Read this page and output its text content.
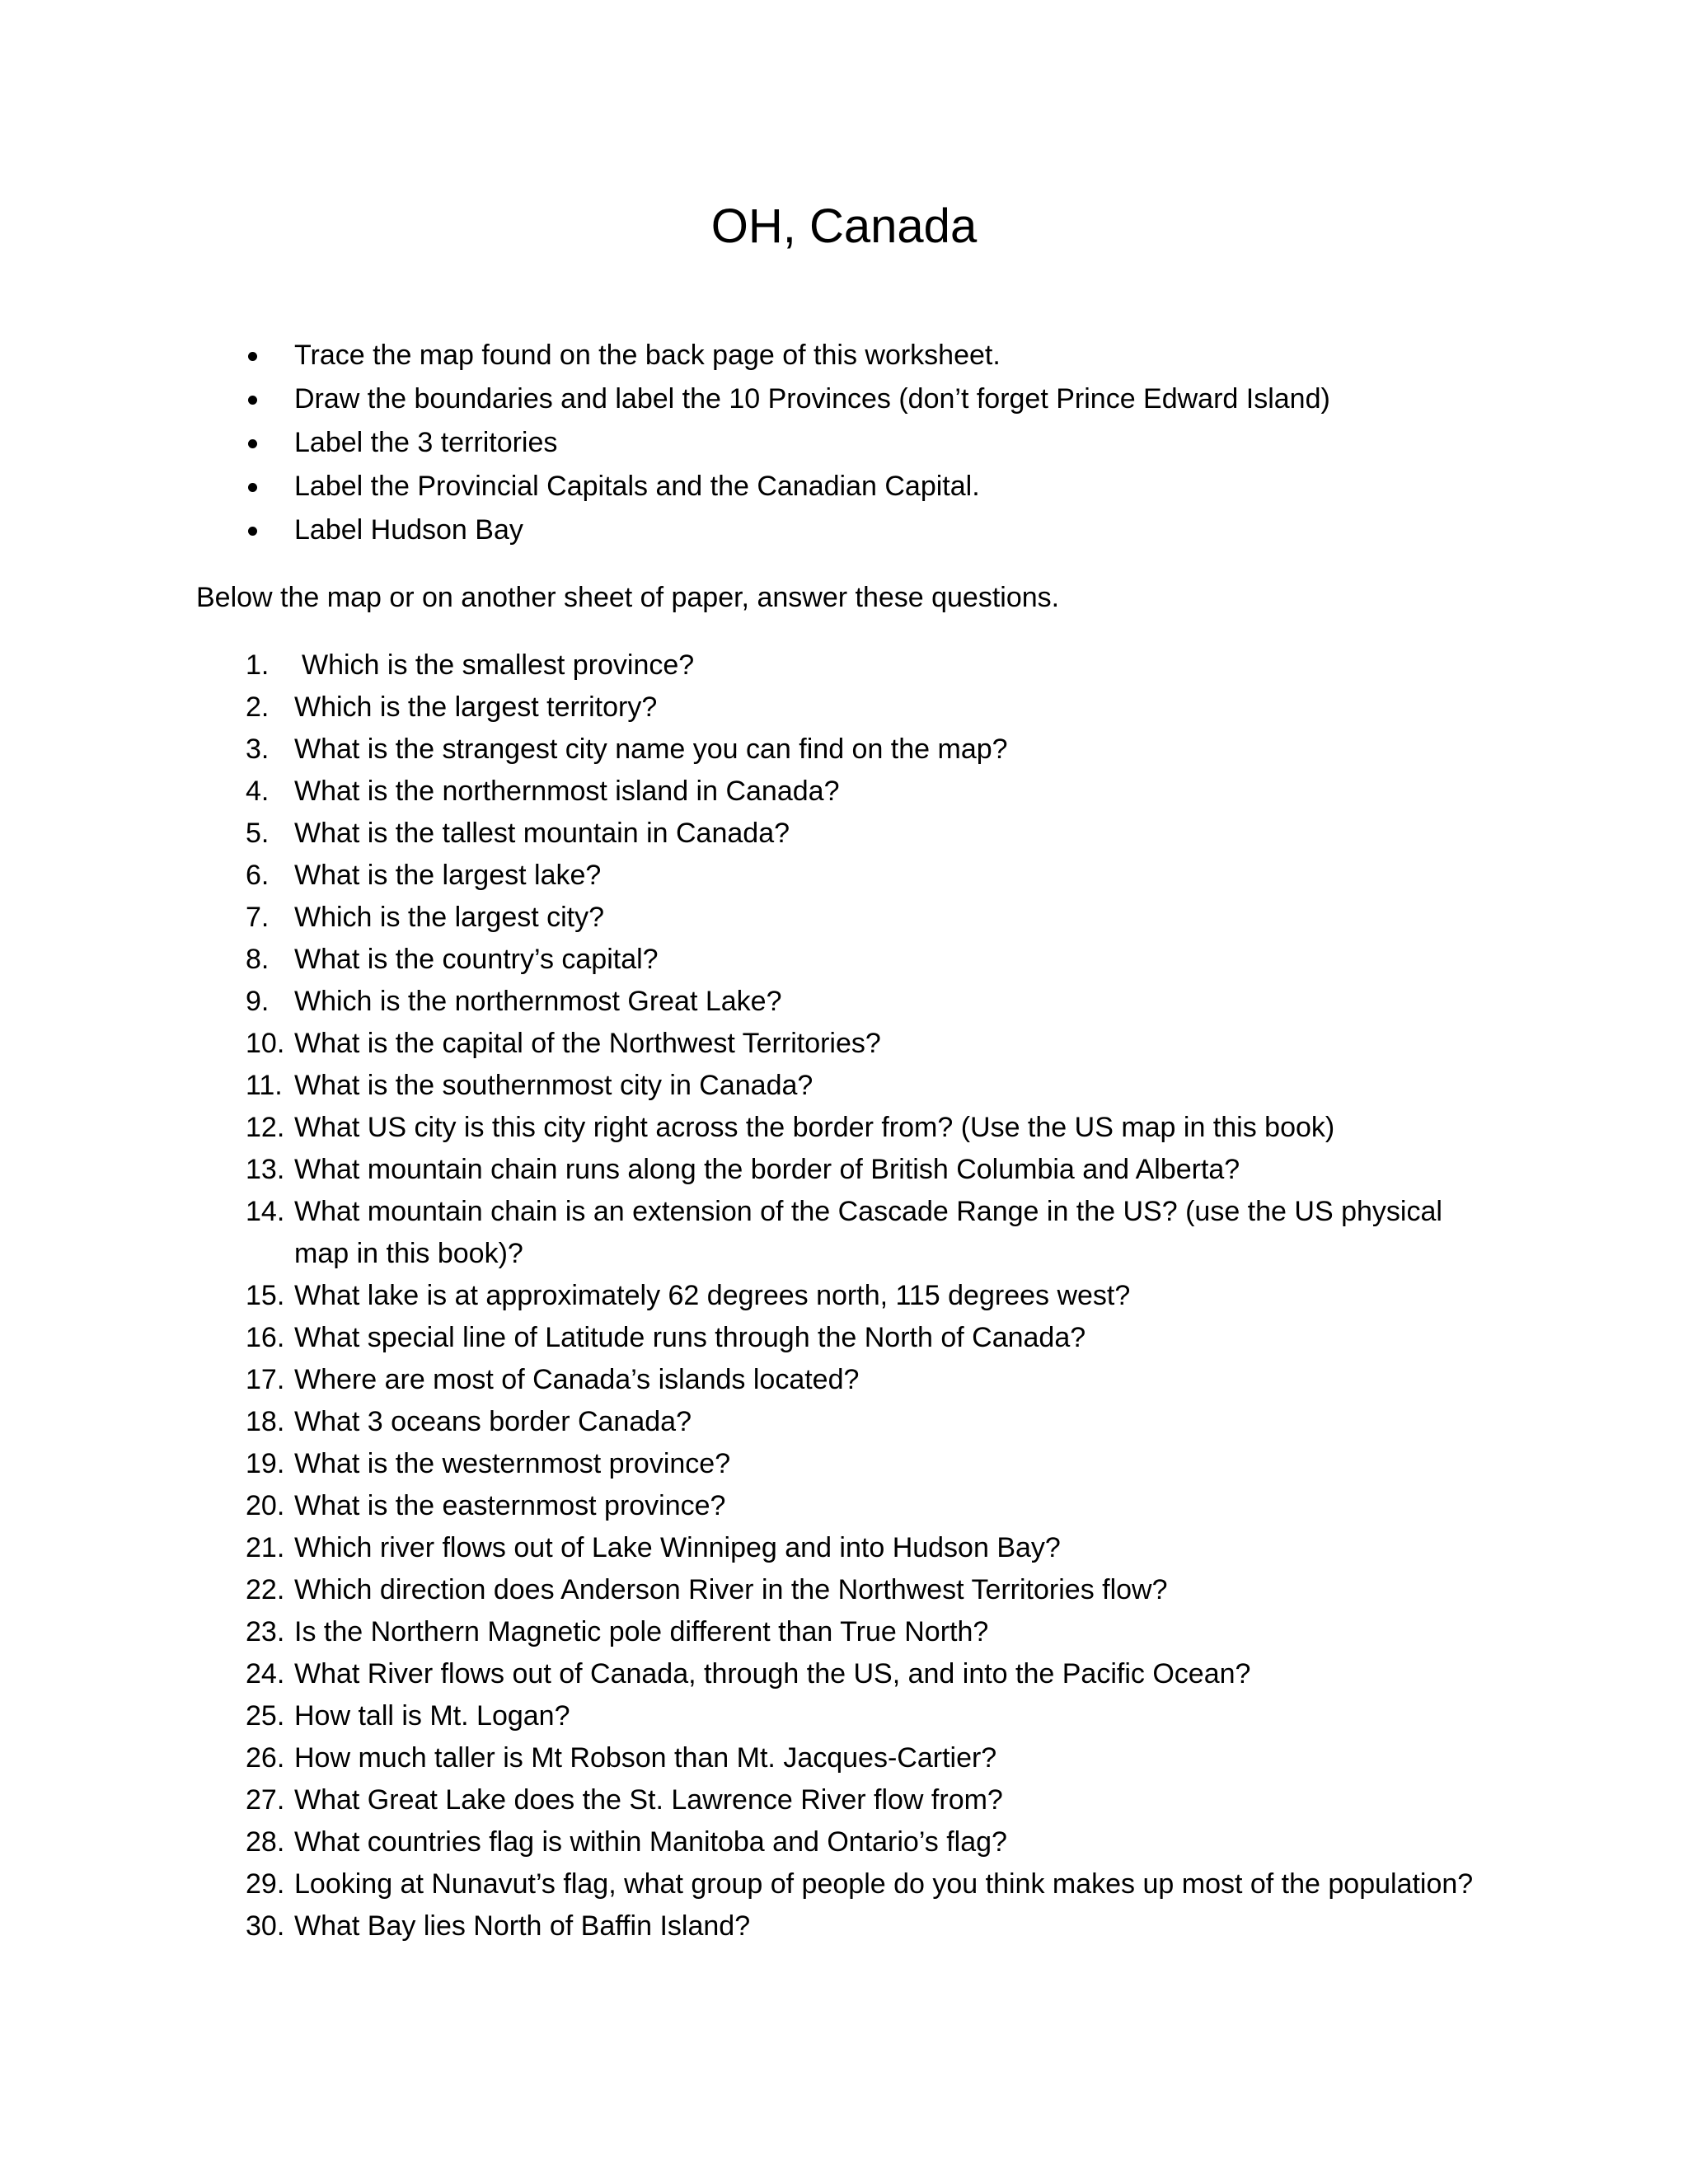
OH, Canada
Trace the map found on the back page of this worksheet.
Draw the boundaries and label the 10 Provinces (don’t forget Prince Edward Island)
Label the 3 territories
Label the Provincial Capitals and the Canadian Capital.
Label Hudson Bay

Below the map or on another sheet of paper, answer these questions.

1. Which is the smallest province?
2. Which is the largest territory?
3. What is the strangest city name you can find on the map?
4. What is the northernmost island in Canada?
5. What is the tallest mountain in Canada?
6. What is the largest lake?
7. Which is the largest city?
8. What is the country’s capital?
9. Which is the northernmost Great Lake?
10. What is the capital of the Northwest Territories?
11. What is the southernmost city in Canada?
12. What US city is this city right across the border from? (Use the US map in this book)
13. What mountain chain runs along the border of British Columbia and Alberta?
14. What mountain chain is an extension of the Cascade Range in the US? (use the US physical map in this book)?
15. What lake is at approximately 62 degrees north, 115 degrees west?
16. What special line of Latitude runs through the North of Canada?
17. Where are most of Canada’s islands located?
18. What 3 oceans border Canada?
19. What is the westernmost province?
20. What is the easternmost province?
21. Which river flows out of Lake Winnipeg and into Hudson Bay?
22. Which direction does Anderson River in the Northwest Territories flow?
23. Is the Northern Magnetic pole different than True North?
24. What River flows out of Canada, through the US, and into the Pacific Ocean?
25. How tall is Mt. Logan?
26. How much taller is Mt Robson than Mt. Jacques-Cartier?
27. What Great Lake does the St. Lawrence River flow from?
28. What countries flag is within Manitoba and Ontario’s flag?
29. Looking at Nunavut’s flag, what group of people do you think makes up most of the population?
30. What Bay lies North of Baffin Island?
